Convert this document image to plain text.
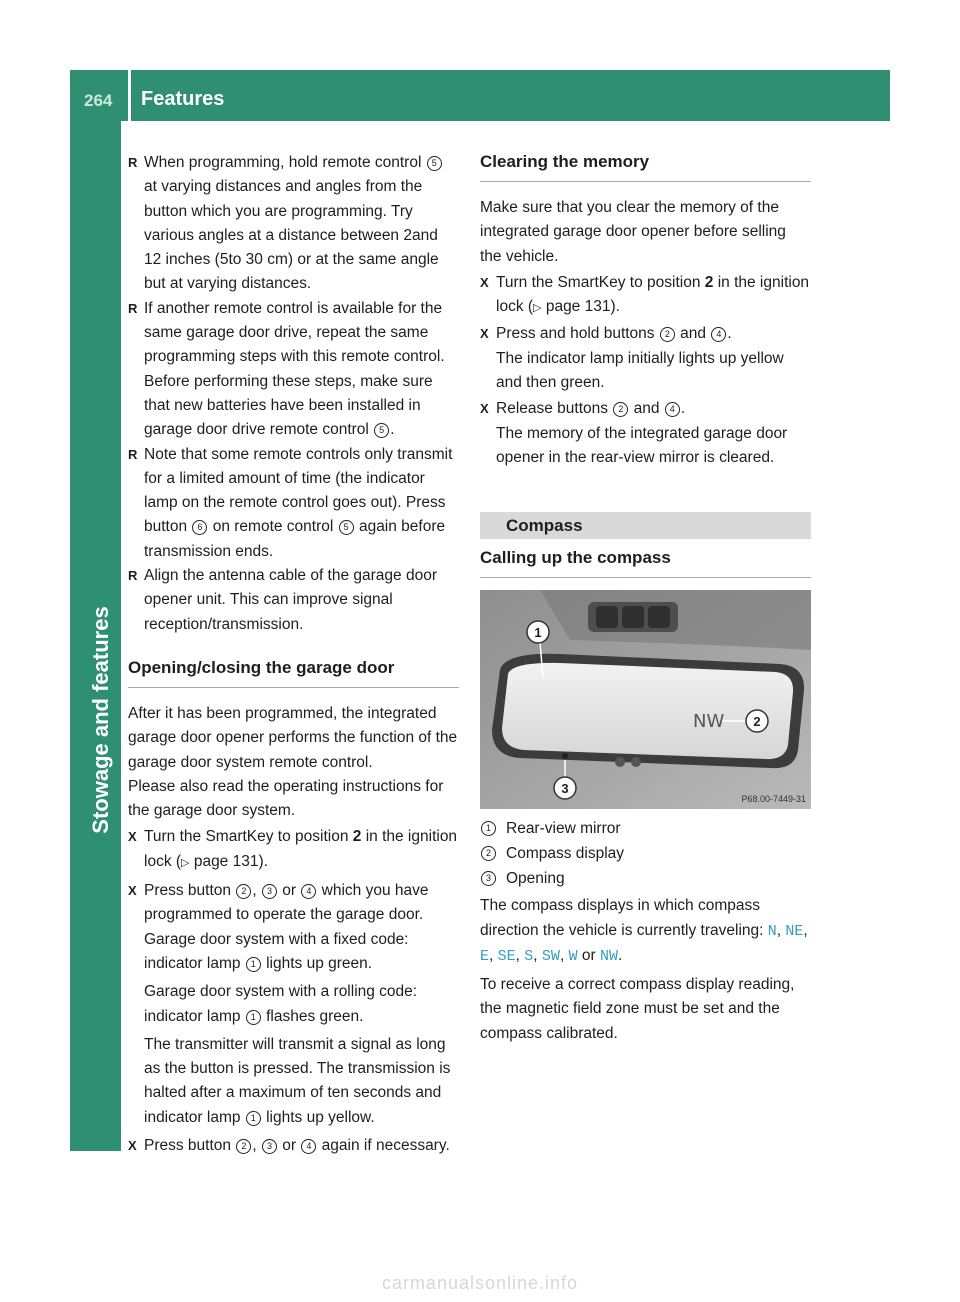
264 Features
Stowage and features
R When programming, hold remote control 5 at varying distances and angles from the button which you are programming. Try various angles at a distance between 2and 12 inches (5to 30 cm) or at the same angle but at varying distances.
R If another remote control is available for the same garage door drive, repeat the same programming steps with this remote control. Before performing these steps, make sure that new batteries have been installed in garage door drive remote control 5 .
R Note that some remote controls only transmit for a limited amount of time (the indicator lamp on the remote control goes out). Press button 6 on remote control 5 again before transmission ends.
R Align the antenna cable of the garage door opener unit. This can improve signal reception/transmission.
Opening/closing the garage door

After it has been programmed, the integrated garage door opener performs the function of the garage door system remote control.

Please also read the operating instructions for the garage door system.

X Turn the SmartKey to position 2 in the ignition lock (▷ page 131).
X Press button 2 , 3 or 4 which you have programmed to operate the garage door.
Garage door system with a fixed code: indicator lamp 1 lights up green.
Garage door system with a rolling code: indicator lamp 1 flashes green.
The transmitter will transmit a signal as long as the button is pressed. The transmission is halted after a maximum of ten seconds and indicator lamp 1 lights up yellow.
X Press button 2 , 3 or 4 again if necessary.
Clearing the memory

Make sure that you clear the memory of the integrated garage door opener before selling the vehicle.

X Turn the SmartKey to position 2 in the ignition lock (▷ page 131).
X Press and hold buttons 2 and 4 .
The indicator lamp initially lights up yellow and then green.
X Release buttons 2 and 4 .
The memory of the integrated garage door opener in the rear-view mirror is cleared.
Compass
Calling up the compass
NW
1
2
3
P68.00-7449-31
1 Rear-view mirror
2 Compass display
3 Opening

The compass displays in which compass direction the vehicle is currently traveling: N, NE, E, SE, S, SW, W or NW.

To receive a correct compass display reading, the magnetic field zone must be set and the compass calibrated.

carmanualsonline.info
